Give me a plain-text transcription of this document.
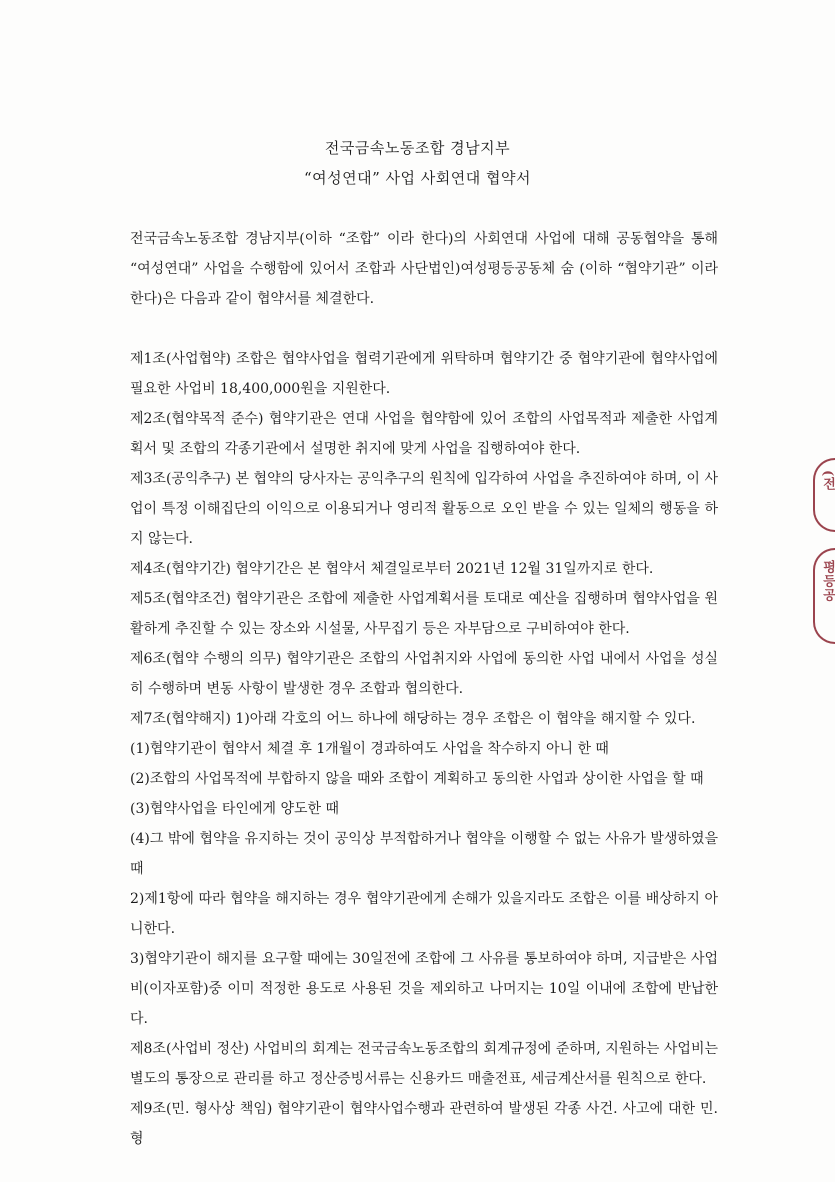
전국금속노동조합 경남지부
“여성연대” 사업 사회연대 협약서

전국금속노동조합 경남지부(이하 “조합” 이라 한다)의 사회연대 사업에 대해 공동협약을 통해 “여성연대” 사업을 수행함에 있어서 조합과 사단법인)여성평등공동체 숨 (이하 “협약기관” 이라 한다)은 다음과 같이 협약서를 체결한다.

제1조(사업협약) 조합은 협약사업을 협력기관에게 위탁하며 협약기간 중 협약기관에 협약사업에 필요한 사업비 18,400,000원을 지원한다.

제2조(협약목적 준수) 협약기관은 연대 사업을 협약함에 있어 조합의 사업목적과 제출한 사업계획서 및 조합의 각종기관에서 설명한 취지에 맞게 사업을 집행하여야 한다.

제3조(공익추구) 본 협약의 당사자는 공익추구의 원칙에 입각하여 사업을 추진하여야 하며, 이 사업이 특정 이해집단의 이익으로 이용되거나 영리적 활동으로 오인 받을 수 있는 일체의 행동을 하지 않는다.

제4조(협약기간) 협약기간은 본 협약서 체결일로부터 2021년 12월 31일까지로 한다.

제5조(협약조건) 협약기관은 조합에 제출한 사업계획서를 토대로 예산을 집행하며 협약사업을 원활하게 추진할 수 있는 장소와 시설물, 사무집기 등은 자부담으로 구비하여야 한다.

제6조(협약 수행의 의무) 협약기관은 조합의 사업취지와 사업에 동의한 사업 내에서 사업을 성실히 수행하며 변동 사항이 발생한 경우 조합과 협의한다.

제7조(협약해지) 1)아래 각호의 어느 하나에 해당하는 경우 조합은 이 협약을 해지할 수 있다.

(1)협약기관이 협약서 체결 후 1개월이 경과하여도 사업을 착수하지 아니 한 때

(2)조합의 사업목적에 부합하지 않을 때와 조합이 계획하고 동의한 사업과 상이한 사업을 할 때

(3)협약사업을 타인에게 양도한 때

(4)그 밖에 협약을 유지하는 것이 공익상 부적합하거나 협약을 이행할 수 없는 사유가 발생하였을 때

2)제1항에 따라 협약을 해지하는 경우 협약기관에게 손해가 있을지라도 조합은 이를 배상하지 아니한다.

3)협약기관이 해지를 요구할 때에는 30일전에 조합에 그 사유를 통보하여야 하며, 지급받은 사업비(이자포함)중 이미 적정한 용도로 사용된 것을 제외하고 나머지는 10일 이내에 조합에 반납한다.

제8조(사업비 정산) 사업비의 회계는 전국금속노동조합의 회계규정에 준하며, 지원하는 사업비는 별도의 통장으로 관리를 하고 정산증빙서류는 신용카드 매출전표, 세금계산서를 원칙으로 한다.

제9조(민. 형사상 책임) 협약기관이 협약사업수행과 관련하여 발생된 각종 사건. 사고에 대한 민. 형

(전
평등공
